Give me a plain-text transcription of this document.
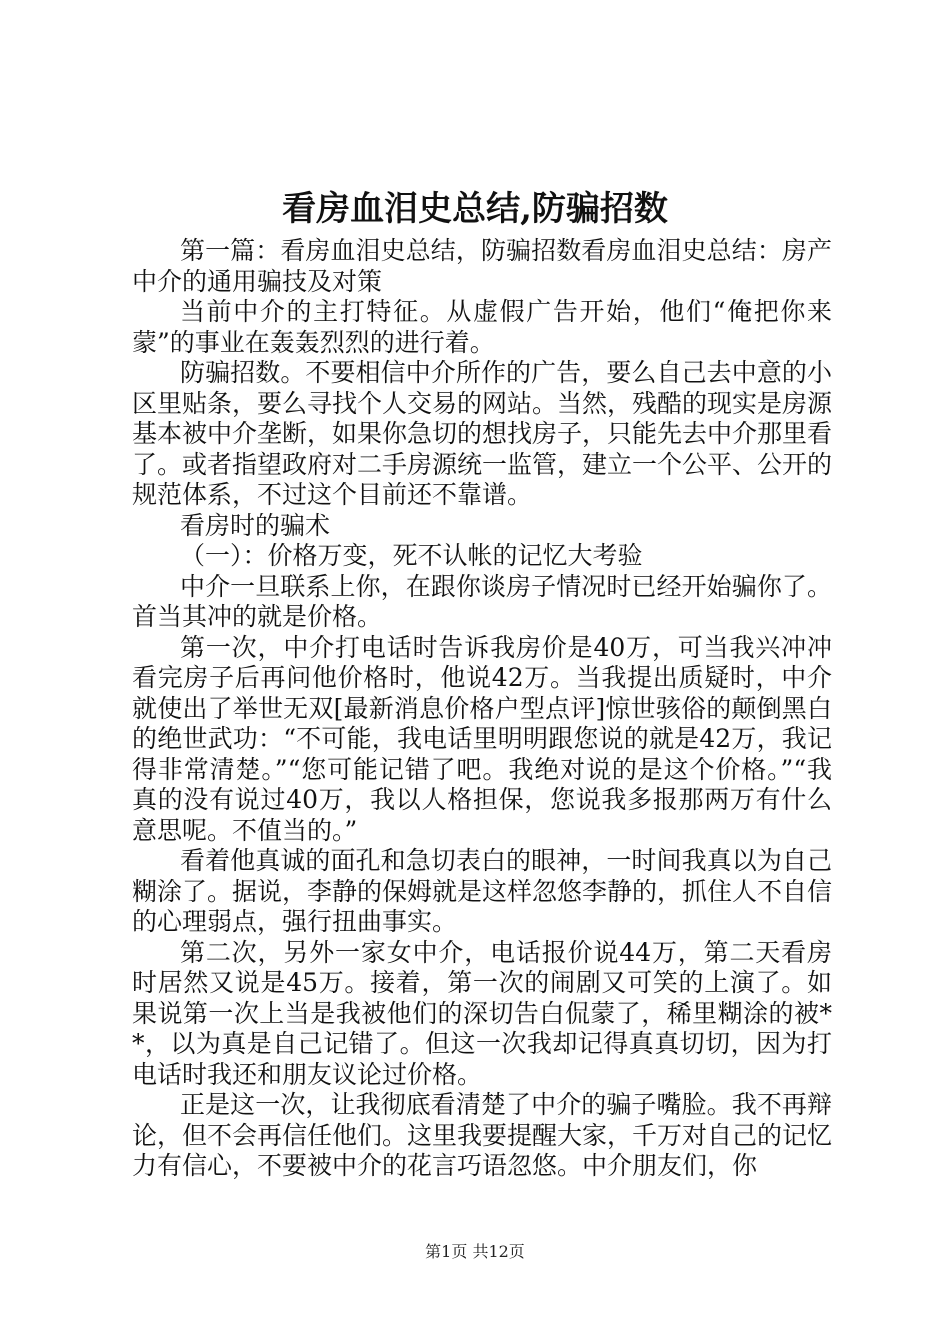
看房血泪史总结,防骗招数

第一篇：看房血泪史总结，防骗招数看房血泪史总结：房产中介的通用骗技及对策

当前中介的主打特征。从虚假广告开始，他们“俺把你来蒙”的事业在轰轰烈烈的进行着。

防骗招数。不要相信中介所作的广告，要么自己去中意的小区里贴条，要么寻找个人交易的网站。当然，残酷的现实是房源基本被中介垄断，如果你急切的想找房子，只能先去中介那里看了。或者指望政府对二手房源统一监管，建立一个公平、公开的规范体系，不过这个目前还不靠谱。

看房时的骗术

（一）：价格万变，死不认帐的记忆大考验

中介一旦联系上你，在跟你谈房子情况时已经开始骗你了。首当其冲的就是价格。

第一次，中介打电话时告诉我房价是40万，可当我兴冲冲看完房子后再问他价格时，他说42万。当我提出质疑时，中介就使出了举世无双[最新消息价格户型点评]惊世骇俗的颠倒黑白的绝世武功：“不可能，我电话里明明跟您说的就是42万，我记得非常清楚。”“您可能记错了吧。我绝对说的是这个价格。”“我真的没有说过40万，我以人格担保，您说我多报那两万有什么意思呢。不值当的。”

看着他真诚的面孔和急切表白的眼神，一时间我真以为自己糊涂了。据说，李静的保姆就是这样忽悠李静的，抓住人不自信的心理弱点，强行扭曲事实。

第二次，另外一家女中介，电话报价说44万，第二天看房时居然又说是45万。接着，第一次的闹剧又可笑的上演了。如果说第一次上当是我被他们的深切告白侃蒙了，稀里糊涂的被**，以为真是自己记错了。但这一次我却记得真真切切，因为打电话时我还和朋友议论过价格。

正是这一次，让我彻底看清楚了中介的骗子嘴脸。我不再辩论，但不会再信任他们。这里我要提醒大家，千万对自己的记忆力有信心，不要被中介的花言巧语忽悠。中介朋友们，你

第1页 共12页
